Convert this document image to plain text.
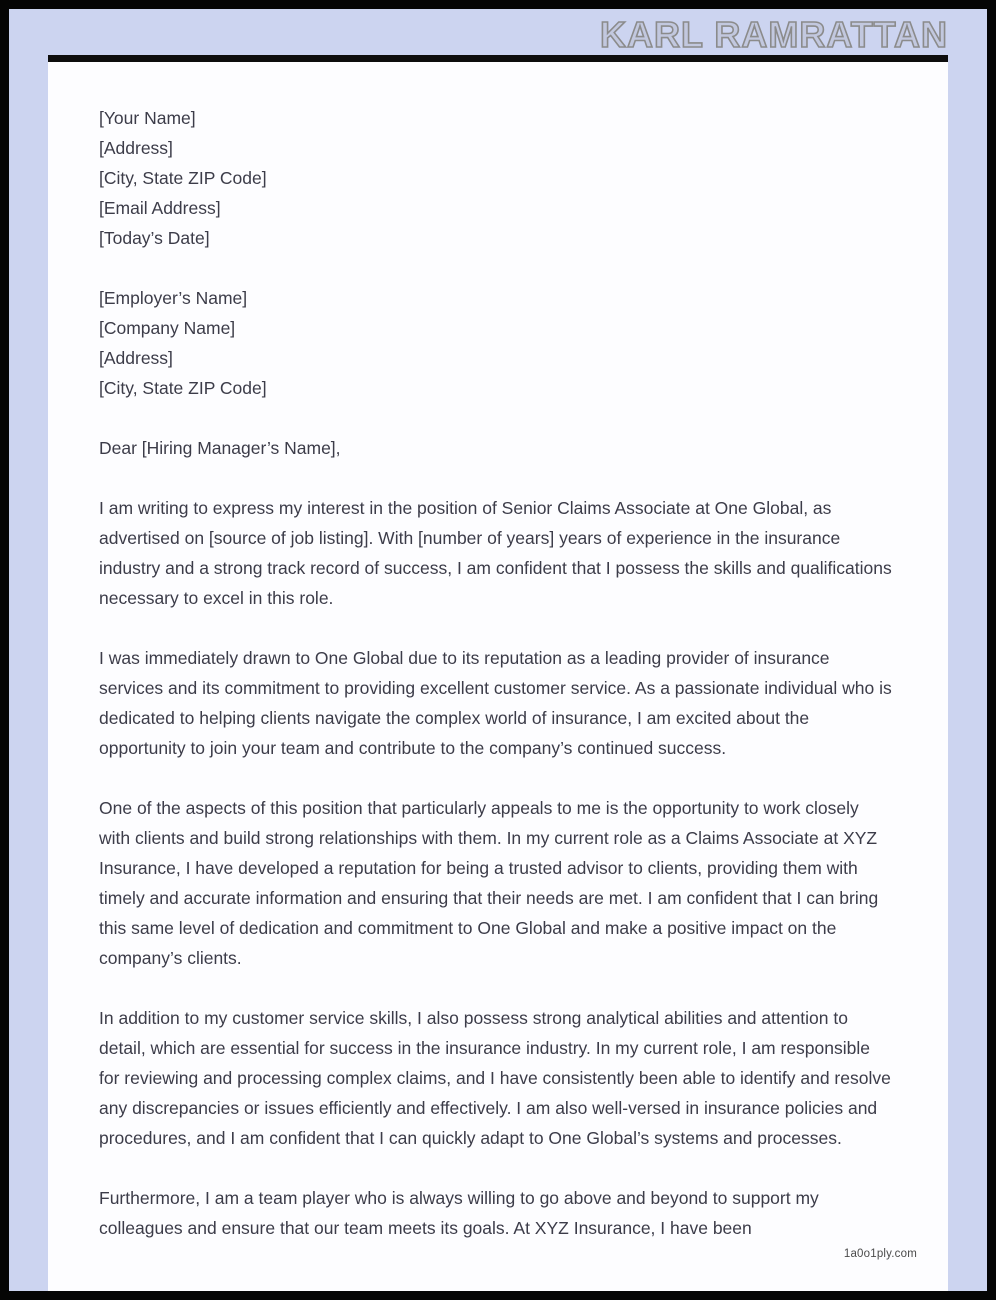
KARL RAMRATTAN
[Your Name]
[Address]
[City, State ZIP Code]
[Email Address]
[Today’s Date]
[Employer’s Name]
[Company Name]
[Address]
[City, State ZIP Code]
Dear [Hiring Manager’s Name],

I am writing to express my interest in the position of Senior Claims Associate at One Global, as advertised on [source of job listing]. With [number of years] years of experience in the insurance industry and a strong track record of success, I am confident that I possess the skills and qualifications necessary to excel in this role.

I was immediately drawn to One Global due to its reputation as a leading provider of insurance services and its commitment to providing excellent customer service. As a passionate individual who is dedicated to helping clients navigate the complex world of insurance, I am excited about the opportunity to join your team and contribute to the company’s continued success.

One of the aspects of this position that particularly appeals to me is the opportunity to work closely with clients and build strong relationships with them. In my current role as a Claims Associate at XYZ Insurance, I have developed a reputation for being a trusted advisor to clients, providing them with timely and accurate information and ensuring that their needs are met. I am confident that I can bring this same level of dedication and commitment to One Global and make a positive impact on the company’s clients.

In addition to my customer service skills, I also possess strong analytical abilities and attention to detail, which are essential for success in the insurance industry. In my current role, I am responsible for reviewing and processing complex claims, and I have consistently been able to identify and resolve any discrepancies or issues efficiently and effectively. I am also well-versed in insurance policies and procedures, and I am confident that I can quickly adapt to One Global’s systems and processes.

Furthermore, I am a team player who is always willing to go above and beyond to support my colleagues and ensure that our team meets its goals. At XYZ Insurance, I have been

1a0o1ply.com
